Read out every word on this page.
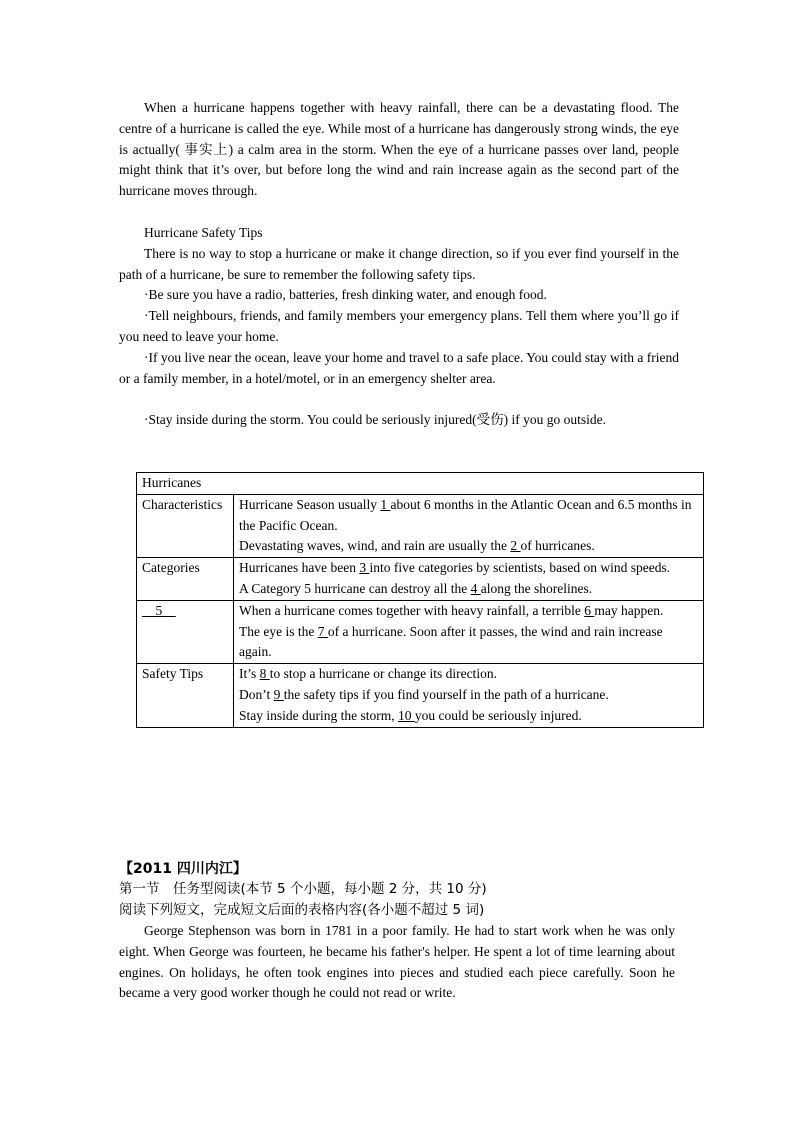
When a hurricane happens together with heavy rainfall, there can be a devastating flood. The centre of a hurricane is called the eye. While most of a hurricane has dangerously strong winds, the eye is actually( 事实上) a calm area in the storm. When the eye of a hurricane passes over land, people might think that it’s over, but before long the wind and rain increase again as the second part of the hurricane moves through.

Hurricane Safety Tips

There is no way to stop a hurricane or make it change direction, so if you ever find yourself in the path of a hurricane, be sure to remember the following safety tips.

·Be sure you have a radio, batteries, fresh dinking water, and enough food.

·Tell neighbours, friends, and family members your emergency plans. Tell them where you’ll go if you need to leave your home.

·If you live near the ocean, leave your home and travel to a safe place. You could stay with a friend or a family member, in a hotel/motel, or in an emergency shelter area.

·Stay inside during the storm. You could be seriously injured(受伤) if you go outside.

Hurricanes	
Characteristics	Hurricane Season usually 1 about 6 months in the Atlantic Ocean and 6.5 months in the Pacific Ocean.
Devastating waves, wind, and rain are usually the 2 of hurricanes.

Categories	Hurricanes have been 3 into five categories by scientists, based on wind speeds.
A Category 5 hurricane can destroy all the 4 along the shorelines.

5	When a hurricane comes together with heavy rainfall, a terrible 6 may happen.
The eye is the 7 of a hurricane. Soon after it passes, the wind and rain increase again.

Safety Tips	It’s 8 to stop a hurricane or change its direction.
Don’t 9 the safety tips if you find yourself in the path of a hurricane.
Stay inside during the storm, 10 you could be seriously injured.
【2011 四川内江】
第一节　任务型阅读(本节 5 个小题，每小题 2 分，共 10 分)
阅读下列短文，完成短文后面的表格内容(各小题不超过 5 词)

George Stephenson was born in 1781 in a poor family. He had to start work when he was only eight. When George was fourteen, he became his father's helper. He spent a lot of time learning about engines. On holidays, he often took engines into pieces and studied each piece carefully. Soon he became a very good worker though he could not read or write.
